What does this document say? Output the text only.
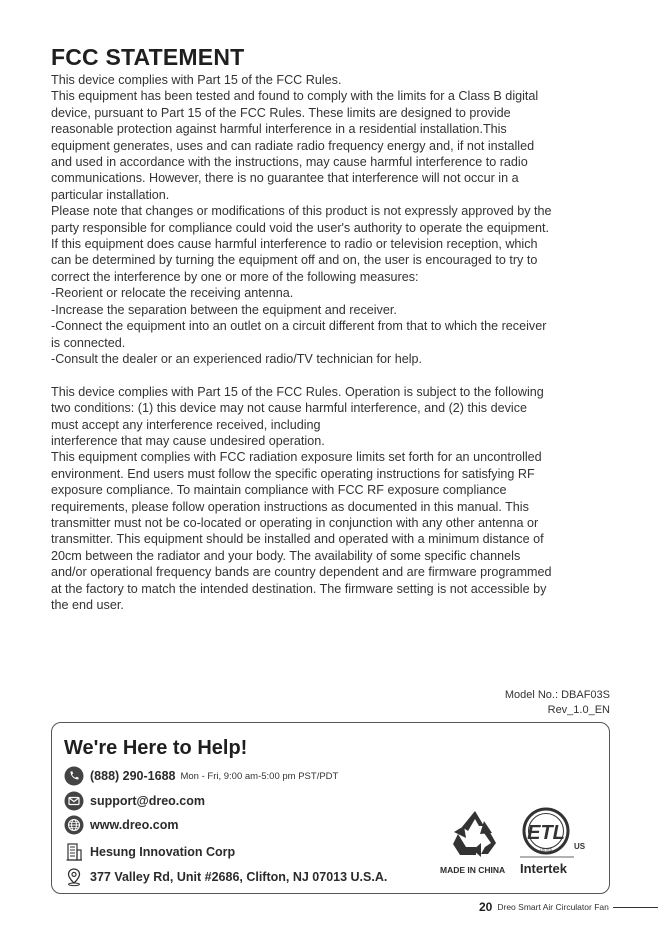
FCC STATEMENT

This device complies with Part 15 of the FCC Rules.

This equipment has been tested and found to comply with the limits for a Class B digital

device, pursuant to Part 15 of the FCC Rules. These limits are designed to provide

reasonable protection against harmful interference in a residential installation.This

equipment generates, uses and can radiate radio frequency energy and, if not installed

and used in accordance with the instructions, may cause harmful interference to radio

communications. However, there is no guarantee that interference will not occur in a

particular installation.

Please note that changes or modifications of this product is not expressly approved by the

party responsible for compliance could void the user's authority to operate the equipment.

If this equipment does cause harmful interference to radio or television reception, which

can be determined by turning the equipment off and on, the user is encouraged to try to

correct the interference by one or more of the following measures:

-Reorient or relocate the receiving antenna.

-Increase the separation between the equipment and receiver.

-Connect the equipment into an outlet on a circuit different from that to which the receiver

is connected.

-Consult the dealer or an experienced radio/TV technician for help.

This device complies with Part 15 of the FCC Rules. Operation is subject to the following

two conditions: (1) this device may not cause harmful interference, and (2) this device

must accept any interference received, including

interference that may cause undesired operation.

This equipment complies with FCC radiation exposure limits set forth for an uncontrolled

environment. End users must follow the specific operating instructions for satisfying RF

exposure compliance. To maintain compliance with FCC RF exposure compliance

requirements, please follow operation instructions as documented in this manual. This

transmitter must not be co-located or operating in conjunction with any other antenna or

transmitter. This equipment should be installed and operated with a minimum distance of

20cm between the radiator and your body. The availability of some specific channels

and/or operational frequency bands are country dependent and are firmware programmed

at the factory to match the intended destination. The firmware setting is not accessible by

the end user.

Model No.: DBAF03S
Rev_1.0_EN
We're Here to Help!
(888) 290-1688 Mon - Fri, 9:00 am-5:00 pm PST/PDT
support@dreo.com
www.dreo.com
Hesung Innovation Corp
377 Valley Rd, Unit #2686, Clifton, NJ 07013 U.S.A.	MADE IN CHINA
ETL
LISTED	US
Intertek
20 Dreo Smart Air Circulator Fan
